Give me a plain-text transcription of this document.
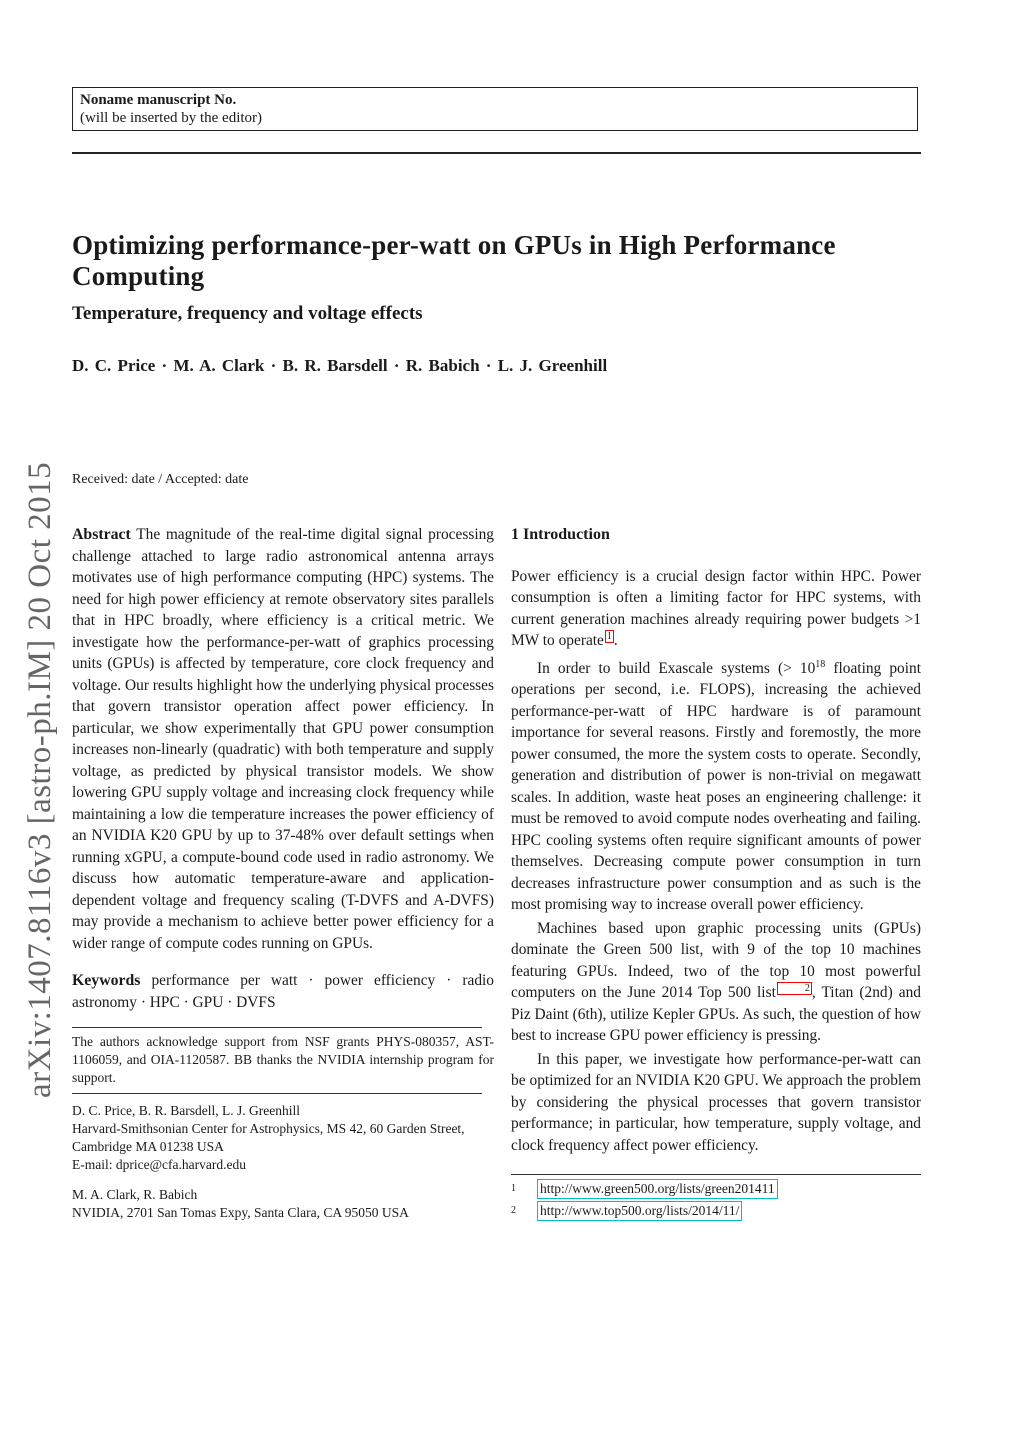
Noname manuscript No.
(will be inserted by the editor)
Optimizing performance-per-watt on GPUs in High Performance Computing
Temperature, frequency and voltage effects
D. C. Price · M. A. Clark · B. R. Barsdell · R. Babich · L. J. Greenhill
Received: date / Accepted: date
arXiv:1407.8116v3 [astro-ph.IM] 20 Oct 2015 Abstract The magnitude of the real-time digital signal processing challenge attached to large radio astronomical antenna arrays motivates use of high performance computing (HPC) systems. The need for high power efficiency at remote observatory sites parallels that in HPC broadly, where efficiency is a critical metric. We investigate how the performance-per-watt of graphics processing units (GPUs) is affected by temperature, core clock frequency and voltage. Our results highlight how the underlying physical processes that govern transistor operation affect power efficiency. In particular, we show experimentally that GPU power consumption increases non-linearly (quadratic) with both temperature and supply voltage, as predicted by physical transistor models. We show lowering GPU supply voltage and increasing clock frequency while maintaining a low die temperature increases the power efficiency of an NVIDIA K20 GPU by up to 37-48% over default settings when running xGPU, a compute-bound code used in radio astronomy. We discuss how automatic temperature-aware and application-dependent voltage and frequency scaling (T-DVFS and A-DVFS) may provide a mechanism to achieve better power efficiency for a wider range of compute codes running on GPUs.
Keywords performance per watt · power efficiency · radio astronomy · HPC · GPU · DVFS
The authors acknowledge support from NSF grants PHYS-080357, AST-1106059, and OIA-1120587. BB thanks the NVIDIA internship program for support.

D. C. Price, B. R. Barsdell, L. J. Greenhill
Harvard-Smithsonian Center for Astrophysics, MS 42, 60 Garden Street, Cambridge MA 01238 USA
E-mail: dprice@cfa.harvard.edu

M. A. Clark, R. Babich
NVIDIA, 2701 San Tomas Expy, Santa Clara, CA 95050 USA

1 Introduction

Power efficiency is a crucial design factor within HPC. Power consumption is often a limiting factor for HPC systems, with current generation machines already requiring power budgets >1 MW to operate 1 .

In order to build Exascale systems (> $10^{18}$ floating point operations per second, i.e. FLOPS), increasing the achieved performance-per-watt of HPC hardware is of paramount importance for several reasons. Firstly and foremostly, the more power consumed, the more the system costs to operate. Secondly, generation and distribution of power is non-trivial on megawatt scales. In addition, waste heat poses an engineering challenge: it must be removed to avoid compute nodes overheating and failing. HPC cooling systems often require significant amounts of power themselves. Decreasing compute power consumption in turn decreases infrastructure power consumption and as such is the most promising way to increase overall power efficiency.

Machines based upon graphic processing units (GPUs) dominate the Green 500 list, with 9 of the top 10 machines featuring GPUs. Indeed, two of the top 10 most powerful computers on the June 2014 Top 500 list	2 , Titan (2nd) and Piz Daint (6th), utilize Kepler GPUs. As such, the question of how best to increase GPU power efficiency is pressing.

In this paper, we investigate how performance-per-watt can be optimized for an NVIDIA K20 GPU. We approach the problem by considering the physical processes that govern transistor performance; in particular, how temperature, supply voltage, and clock frequency affect power efficiency.

1	http://www.green500.org/lists/green201411
2	http://www.top500.org/lists/2014/11/
